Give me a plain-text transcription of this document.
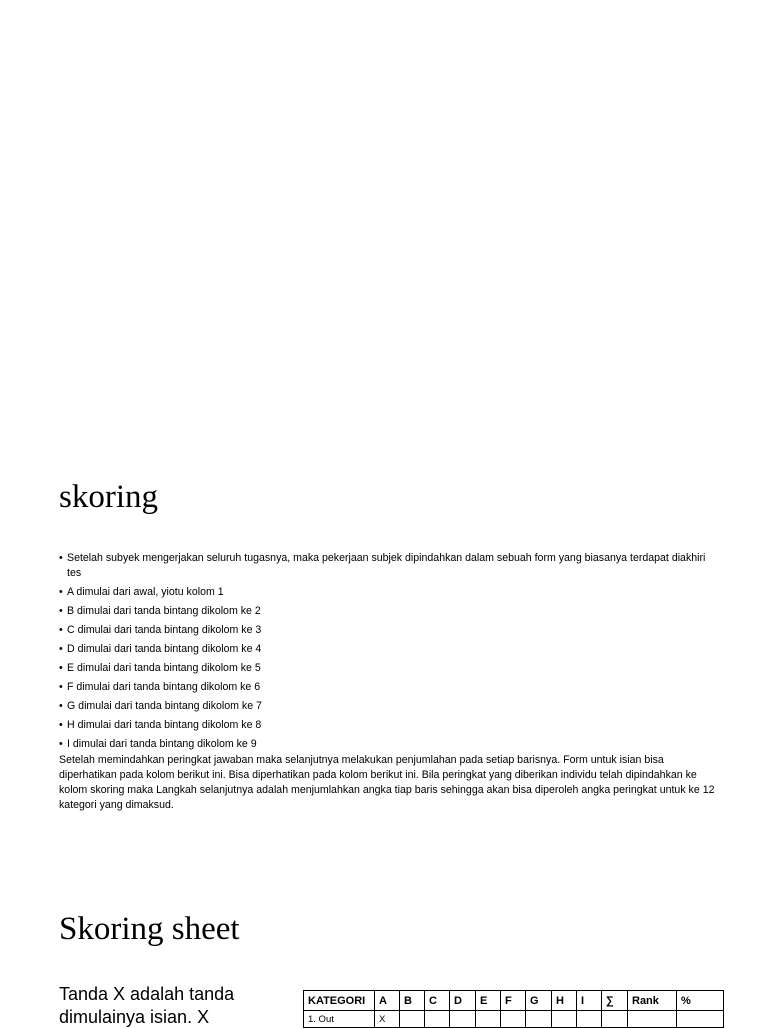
skoring
• Setelah subyek mengerjakan seluruh tugasnya, maka pekerjaan subjek dipindahkan dalam sebuah form yang biasanya terdapat diakhiri tes
• A dimulai dari awal, yiotu kolom 1
• B dimulai dari tanda bintang dikolom ke 2
• C dimulai dari tanda bintang dikolom ke 3
• D dimulai dari tanda bintang dikolom ke 4
• E dimulai dari tanda bintang dikolom ke 5
• F dimulai dari tanda bintang dikolom ke 6
• G dimulai dari tanda bintang dikolom ke 7
• H dimulai dari tanda bintang dikolom ke 8
• I dimulai dari tanda bintang dikolom ke 9

Setelah memindahkan peringkat jawaban maka selanjutnya melakukan penjumlahan pada setiap barisnya. Form untuk isian bisa diperhatikan pada kolom berikut ini. Bisa diperhatikan pada kolom berikut ini. Bila peringkat yang diberikan individu telah dipindahkan ke kolom skoring maka Langkah selanjutnya adalah menjumlahkan angka tiap baris sehingga akan bisa diperoleh angka peringkat untuk ke 12 kategori yang dimaksud.

Skoring sheet

Tanda X adalah tanda dimulainya isian. X

KATEGORI	A	B	C	D	E	F	G	H	I	∑	Rank	%
1. Out	X											
